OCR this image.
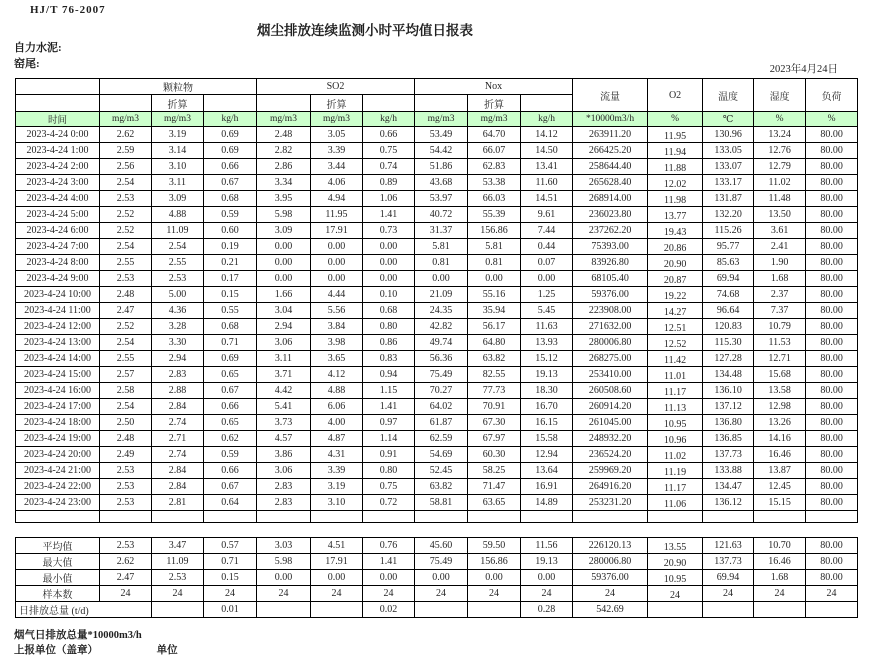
HJ/T 76-2007
烟尘排放连续监测小时平均值日报表
自力水泥:
窑尾:	2023年4月24日
	颗粒物			SO2			Nox			流量	O2	温度	湿度	负荷
		折算			折算			折算						
时间	mg/m3	mg/m3	kg/h	mg/m3	mg/m3	kg/h	mg/m3	mg/m3	kg/h	*10000m3/h	%	℃	%	%
2023-4-24 0:00	2.62	3.19	0.69	2.48	3.05	0.66	53.49	64.70	14.12	263911.20	11.95	130.96	13.24	80.00
2023-4-24 1:00	2.59	3.14	0.69	2.82	3.39	0.75	54.42	66.07	14.50	266425.20	11.94	133.05	12.76	80.00
2023-4-24 2:00	2.56	3.10	0.66	2.86	3.44	0.74	51.86	62.83	13.41	258644.40	11.88	133.07	12.79	80.00
2023-4-24 3:00	2.54	3.11	0.67	3.34	4.06	0.89	43.68	53.38	11.60	265628.40	12.02	133.17	11.02	80.00
2023-4-24 4:00	2.53	3.09	0.68	3.95	4.94	1.06	53.97	66.03	14.51	268914.00	11.98	131.87	11.48	80.00
2023-4-24 5:00	2.52	4.88	0.59	5.98	11.95	1.41	40.72	55.39	9.61	236023.80	13.77	132.20	13.50	80.00
2023-4-24 6:00	2.52	11.09	0.60	3.09	17.91	0.73	31.37	156.86	7.44	237262.20	19.43	115.26	3.61	80.00
2023-4-24 7:00	2.54	2.54	0.19	0.00	0.00	0.00	5.81	5.81	0.44	75393.00	20.86	95.77	2.41	80.00
2023-4-24 8:00	2.55	2.55	0.21	0.00	0.00	0.00	0.81	0.81	0.07	83926.80	20.90	85.63	1.90	80.00
2023-4-24 9:00	2.53	2.53	0.17	0.00	0.00	0.00	0.00	0.00	0.00	68105.40	20.87	69.94	1.68	80.00
2023-4-24 10:00	2.48	5.00	0.15	1.66	4.44	0.10	21.09	55.16	1.25	59376.00	19.22	74.68	2.37	80.00
2023-4-24 11:00	2.47	4.36	0.55	3.04	5.56	0.68	24.35	35.94	5.45	223908.00	14.27	96.64	7.37	80.00
2023-4-24 12:00	2.52	3.28	0.68	2.94	3.84	0.80	42.82	56.17	11.63	271632.00	12.51	120.83	10.79	80.00
2023-4-24 13:00	2.54	3.30	0.71	3.06	3.98	0.86	49.74	64.80	13.93	280006.80	12.52	115.30	11.53	80.00
2023-4-24 14:00	2.55	2.94	0.69	3.11	3.65	0.83	56.36	63.82	15.12	268275.00	11.42	127.28	12.71	80.00
2023-4-24 15:00	2.57	2.83	0.65	3.71	4.12	0.94	75.49	82.55	19.13	253410.00	11.01	134.48	15.68	80.00
2023-4-24 16:00	2.58	2.88	0.67	4.42	4.88	1.15	70.27	77.73	18.30	260508.60	11.17	136.10	13.58	80.00
2023-4-24 17:00	2.54	2.84	0.66	5.41	6.06	1.41	64.02	70.91	16.70	260914.20	11.13	137.12	12.98	80.00
2023-4-24 18:00	2.50	2.74	0.65	3.73	4.00	0.97	61.87	67.30	16.15	261045.00	10.95	136.80	13.26	80.00
2023-4-24 19:00	2.48	2.71	0.62	4.57	4.87	1.14	62.59	67.97	15.58	248932.20	10.96	136.85	14.16	80.00
2023-4-24 20:00	2.49	2.74	0.59	3.86	4.31	0.91	54.69	60.30	12.94	236524.20	11.02	137.73	16.46	80.00
2023-4-24 21:00	2.53	2.84	0.66	3.06	3.39	0.80	52.45	58.25	13.64	259969.20	11.19	133.88	13.87	80.00
2023-4-24 22:00	2.53	2.84	0.67	2.83	3.19	0.75	63.82	71.47	16.91	264916.20	11.17	134.47	12.45	80.00
2023-4-24 23:00	2.53	2.81	0.64	2.83	3.10	0.72	58.81	63.65	14.89	253231.20	11.06	136.12	15.15	80.00

平均值	2.53	3.47	0.57	3.03	4.51	0.76	45.60	59.50	11.56	226120.13	13.55	121.63	10.70	80.00
最大值	2.62	11.09	0.71	5.98	17.91	1.41	75.49	156.86	19.13	280006.80	20.90	137.73	16.46	80.00
最小值	2.47	2.53	0.15	0.00	0.00	0.00	0.00	0.00	0.00	59376.00	10.95	69.94	1.68	80.00
样本数	24	24	24	24	24	24	24	24	24	24	24	24	24	24
日排放总量 (t/d)			0.01			0.02			0.28	542.69				
烟气日排放总量*10000m3/h
上报单位（盖章）	单位
